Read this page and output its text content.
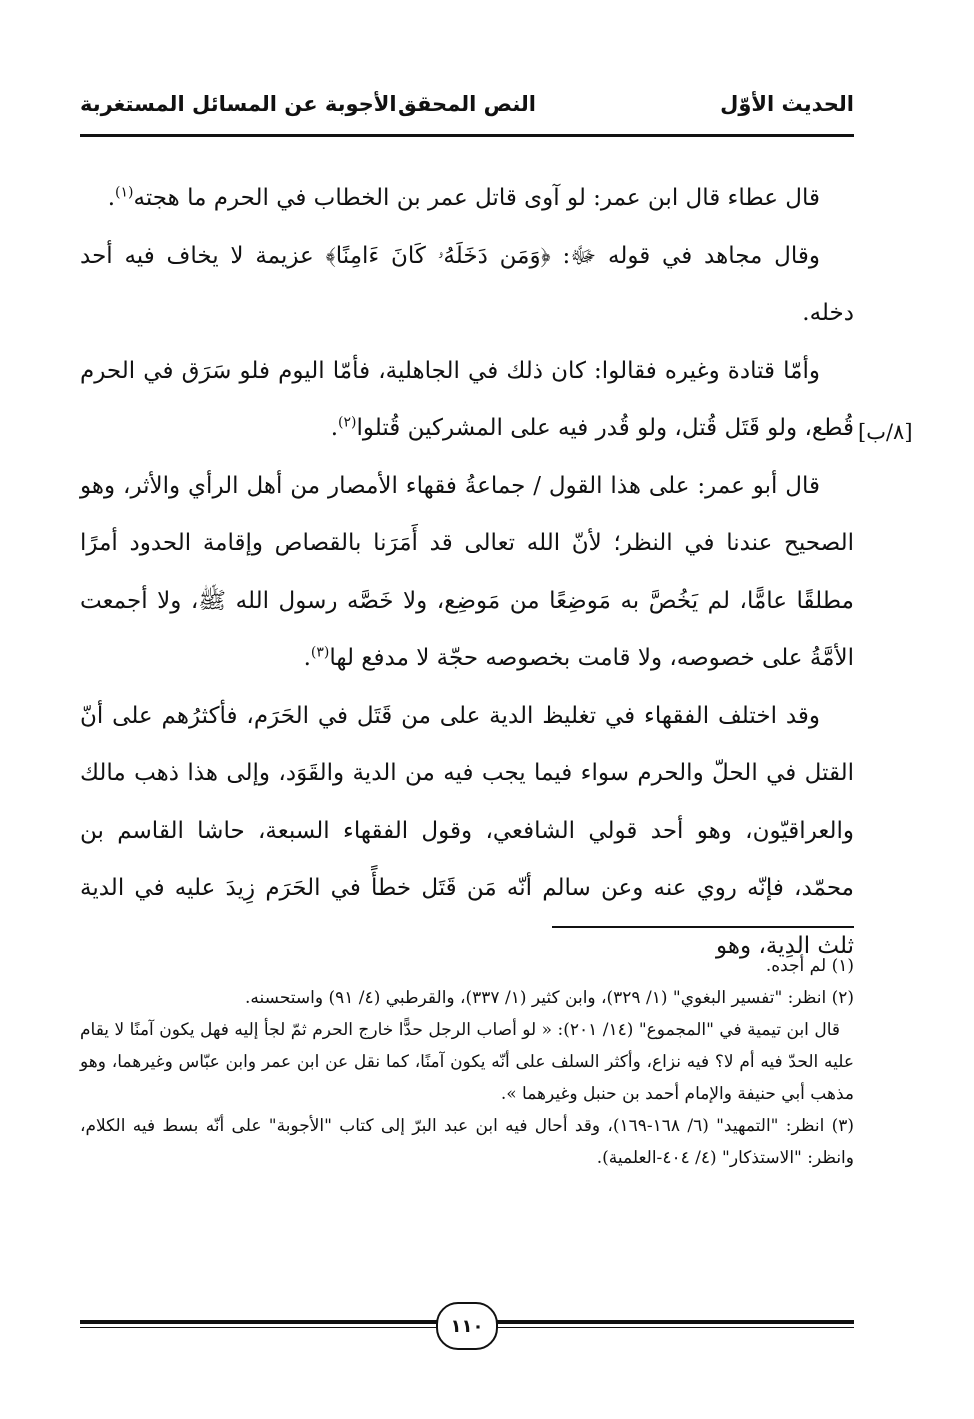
الحديث الأوّل
النص المحقق
الأجوبة عن المسائل المستغربة
[٨/ب]

قال عطاء قال ابن عمر: لو آوى قاتل عمر بن الخطاب في الحرم ما هجته$^{(١)}$.

وقال مجاهد في قوله ﷻ: ﴿وَمَن دَخَلَهُۥ كَانَ ءَامِنًا﴾ عزيمة لا يخاف فيه أحد دخله.

وأمّا قتادة وغيره فقالوا: كان ذلك في الجاهلية، فأمّا اليوم فلو سَرَق في الحرم قُطع، ولو قَتَل قُتل، ولو قُدر فيه على المشركين قُتلوا$^{(٢)}$.

قال أبو عمر: على هذا القول / جماعةُ فقهاء الأمصار من أهل الرأي والأثر، وهو الصحيح عندنا في النظر؛ لأنّ الله تعالى قد أَمَرَنا بالقصاص وإقامة الحدود أمرًا مطلقًا عامًّا، لم يَخُصَّ به مَوضِعًا من مَوضِع، ولا خَصَّه رسول الله ﷺ، ولا أجمعت الأمَّةُ على خصوصه، ولا قامت بخصوصه حجّة لا مدفع لها$^{(٣)}$.

وقد اختلف الفقهاء في تغليظ الدية على من قَتَل في الحَرَم، فأكثرُهم على أنّ القتل في الحلّ والحرم سواء فيما يجب فيه من الدية والقَوَد، وإلى هذا ذهب مالك والعراقيّون، وهو أحد قولي الشافعي، وقول الفقهاء السبعة، حاشا القاسم بن محمّد، فإنّه روي عنه وعن سالم أنّه مَن قَتَل خطأً في الحَرَم زِيدَ عليه في الدية ثلث الدِية، وهو

(١) لم أجده.

(٢) انظر: "تفسير البغوي" (١/ ٣٢٩)، وابن كثير (١/ ٣٣٧)، والقرطبي (٤/ ٩١) واستحسنه.

قال ابن تيمية في "المجموع" (١٤/ ٢٠١): « لو أصاب الرجل حدًّا خارج الحرم ثمّ لجأ إليه فهل يكون آمنًا لا يقام عليه الحدّ فيه أم لا؟ فيه نزاع، وأكثر السلف على أنّه يكون آمنًا، كما نقل عن ابن عمر وابن عبّاس وغيرهما، وهو مذهب أبي حنيفة والإمام أحمد بن حنبل وغيرهما ».

(٣) انظر: "التمهيد" (٦/ ١٦٨-١٦٩)، وقد أحال فيه ابن عبد البرّ إلى كتاب "الأجوبة" على أنّه بسط فيه الكلام، وانظر: "الاستذكار" (٤/ ٤٠٤-العلمية).

١١٠
